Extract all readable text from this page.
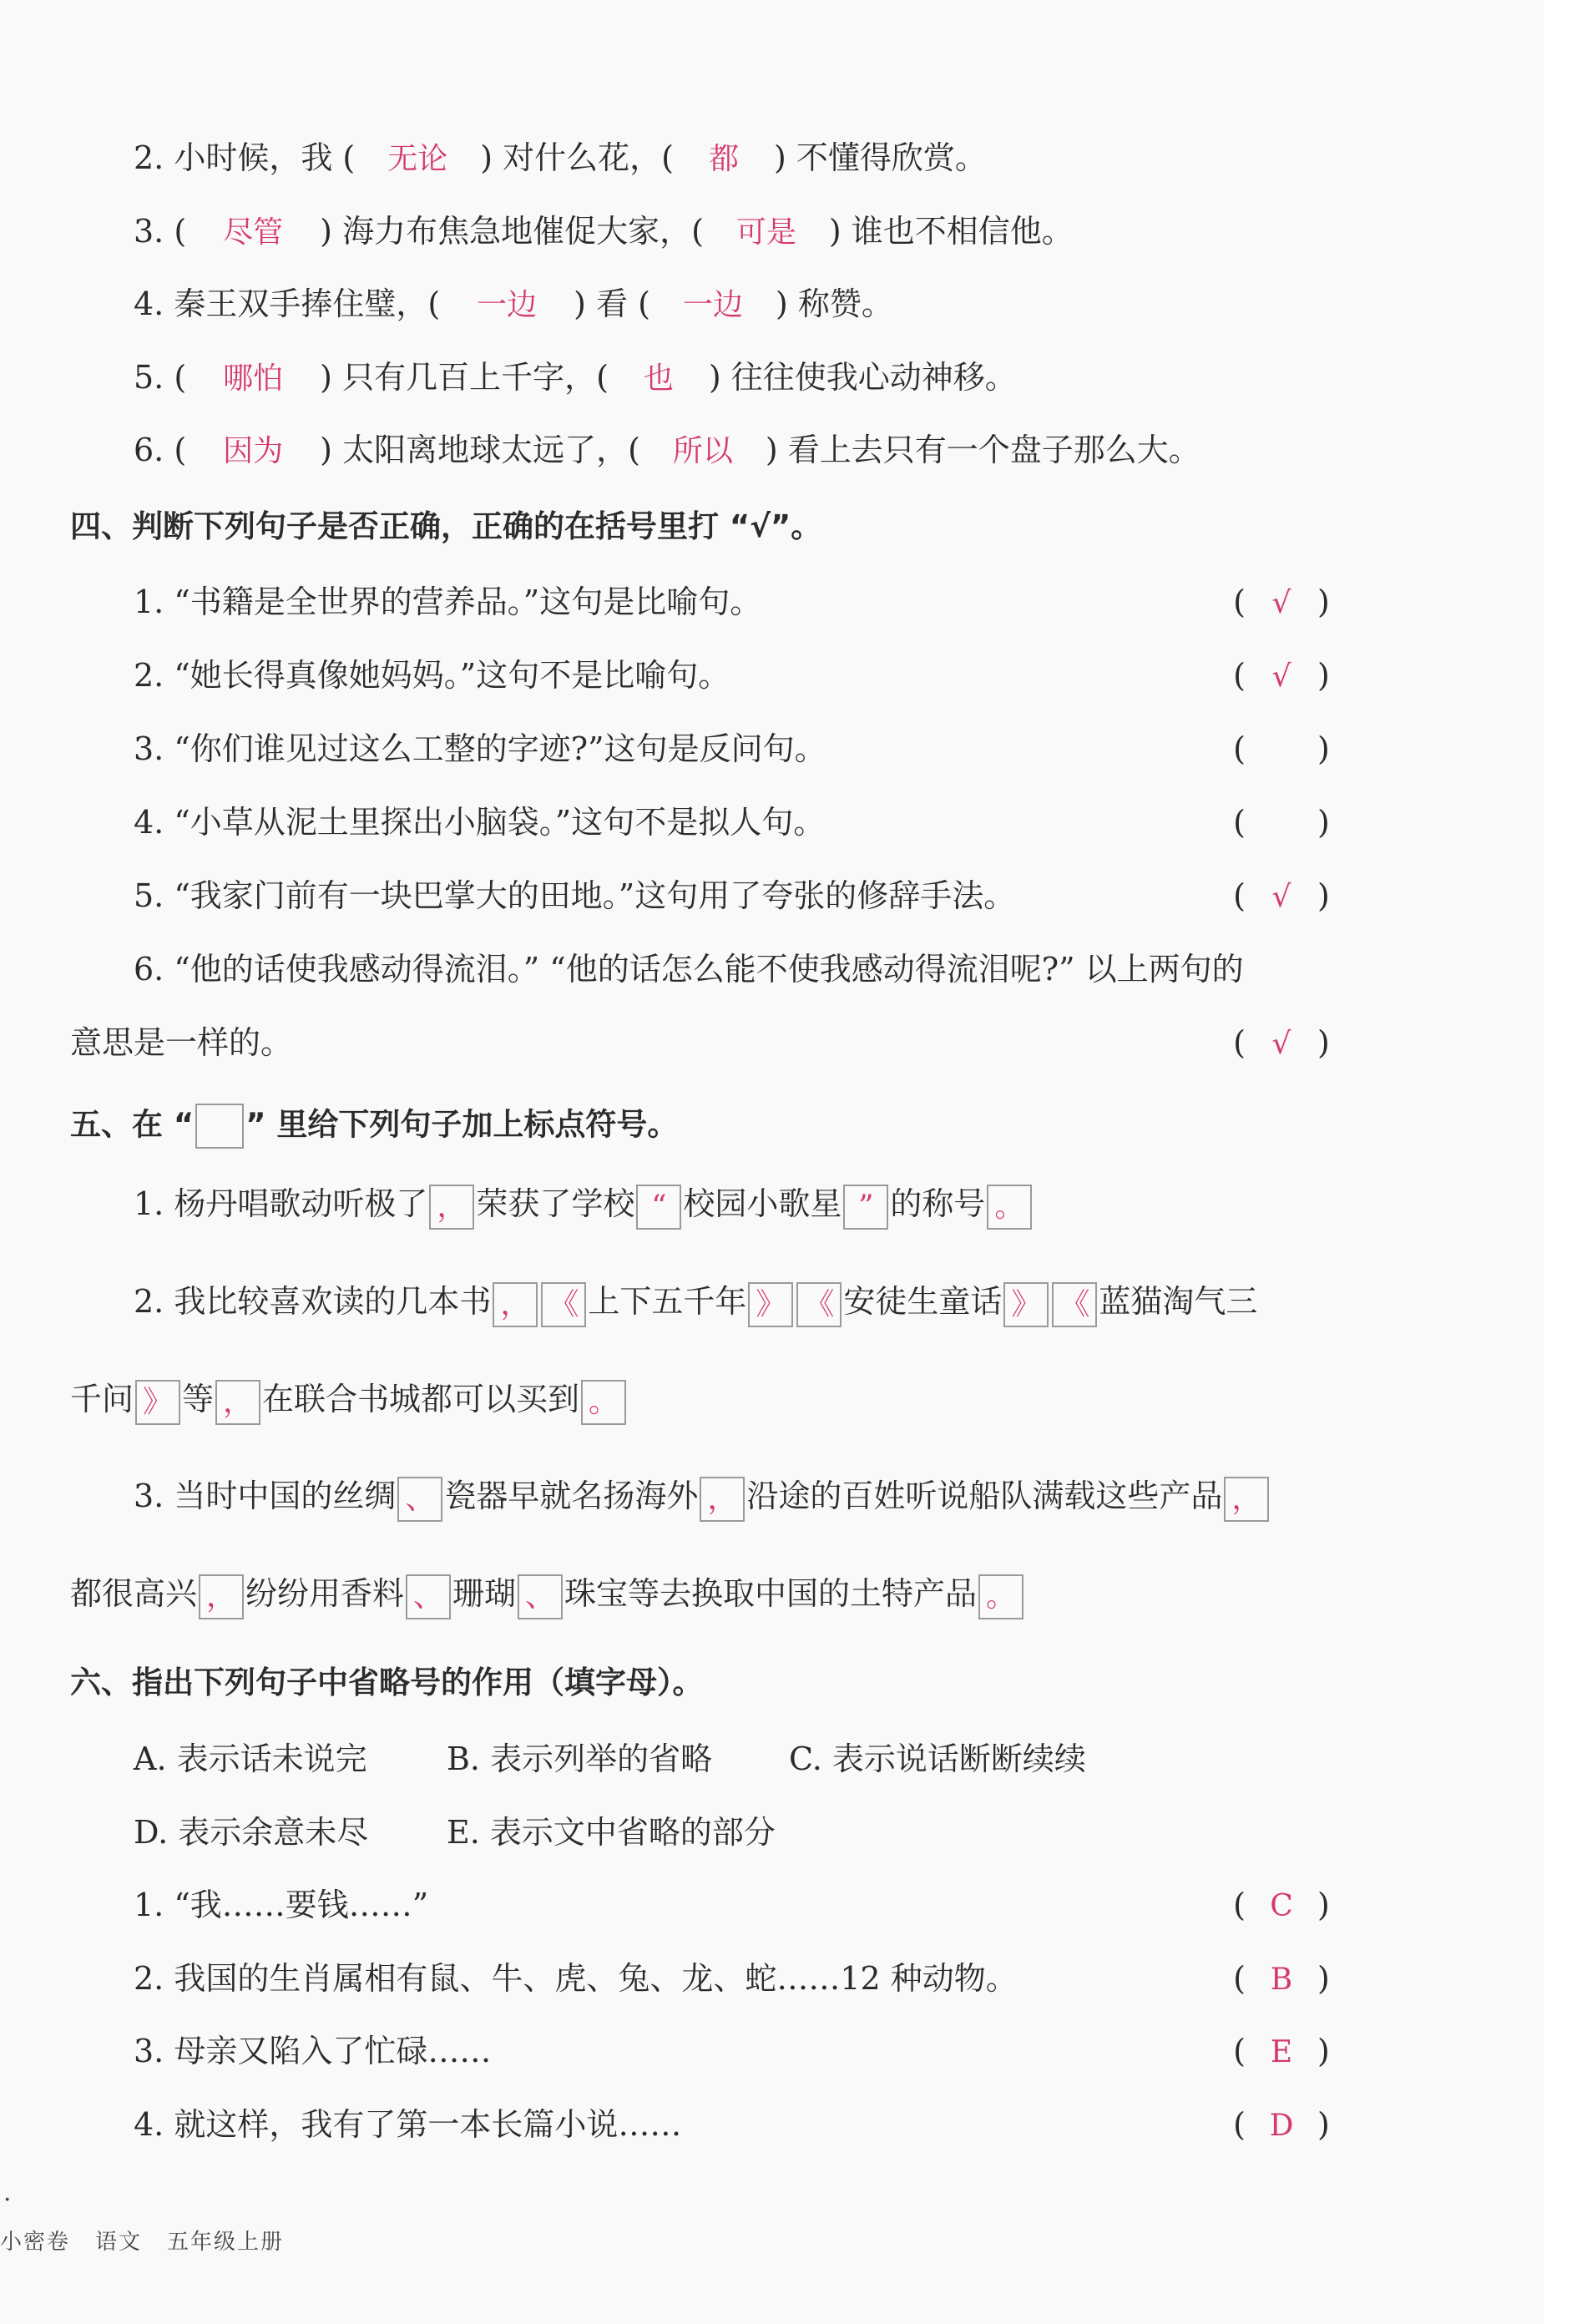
2. 小时候，我 ( 无论 ) 对什么花，( 都 ) 不懂得欣赏。
3. ( 尽管 ) 海力布焦急地催促大家，( 可是 ) 谁也不相信他。
4. 秦王双手捧住璧，( 一边 ) 看 ( 一边 ) 称赞。
5. ( 哪怕 ) 只有几百上千字，( 也 ) 往往使我心动神移。
6. ( 因为 ) 太阳离地球太远了，( 所以 ) 看上去只有一个盘子那么大。
四、判断下列句子是否正确，正确的在括号里打 “√”。
1. “书籍是全世界的营养品。”这句是比喻句。	( √ )
2. “她长得真像她妈妈。”这句不是比喻句。	( √ )
3. “你们谁见过这么工整的字迹?”这句是反问句。	( )
4. “小草从泥土里探出小脑袋。”这句不是拟人句。	( )
5. “我家门前有一块巴掌大的田地。”这句用了夸张的修辞手法。	( √ )
6. “他的话使我感动得流泪。” “他的话怎么能不使我感动得流泪呢?” 以上两句的
意思是一样的。	( √ )
五、在 “ ” 里给下列句子加上标点符号。
1. 杨丹唱歌动听极了 ， 荣获了学校 “ 校园小歌星 ” 的称号 。
2. 我比较喜欢读的几本书 ， 《 上下五千年 》 《 安徒生童话 》 《 蓝猫淘气三
千问 》 等 ， 在联合书城都可以买到 。
3. 当时中国的丝绸 、 瓷器早就名扬海外 ， 沿途的百姓听说船队满载这些产品 ，
都很高兴 ， 纷纷用香料 、 珊瑚 、 珠宝等去换取中国的土特产品 。
六、指出下列句子中省略号的作用（填字母）。
A. 表示话未说完	B. 表示列举的省略 C. 表示说话断断续续
D. 表示余意未尽 E. 表示文中省略的部分
1. “我……要钱……”	( C )
2. 我国的生肖属相有鼠、牛、虎、兔、龙、蛇……12 种动物。	( B )
3. 母亲又陷入了忙碌……	( E )
4. 就这样，我有了第一本长篇小说……	( D )
·
小密卷 语文 五年级上册
